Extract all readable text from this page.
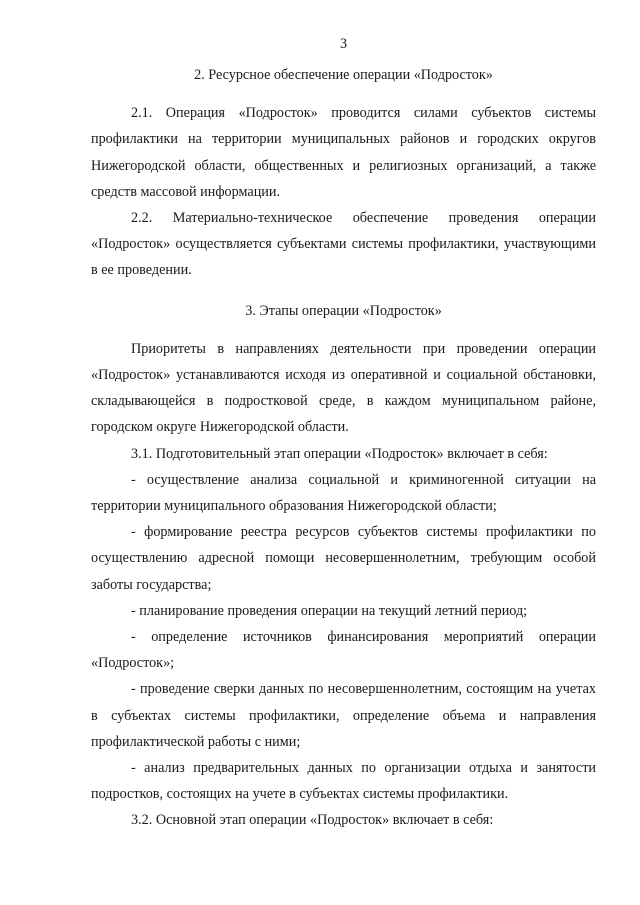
3
2. Ресурсное обеспечение операции «Подросток»

2.1. Операция «Подросток» проводится силами субъектов системы профилактики на территории муниципальных районов и городских округов Нижегородской области, общественных и религиозных организаций, а также средств массовой информации.

2.2. Материально-техническое обеспечение проведения операции «Подросток» осуществляется субъектами системы профилактики, участвующими в ее проведении.

3. Этапы операции «Подросток»

Приоритеты в направлениях деятельности при проведении операции «Подросток» устанавливаются исходя из оперативной и социальной обстановки, складывающейся в подростковой среде, в каждом муниципальном районе, городском округе Нижегородской области.

3.1. Подготовительный этап операции «Подросток» включает в себя:

- осуществление анализа социальной и криминогенной ситуации на территории муниципального образования Нижегородской области;

- формирование реестра ресурсов субъектов системы профилактики по осуществлению адресной помощи несовершеннолетним, требующим особой заботы государства;

- планирование проведения операции на текущий летний период;

- определение источников финансирования мероприятий операции «Подросток»;

- проведение сверки данных по несовершеннолетним, состоящим на учетах в субъектах системы профилактики, определение объема и направления профилактической работы с ними;

- анализ предварительных данных по организации отдыха и занятости подростков, состоящих на учете в субъектах системы профилактики.

3.2. Основной этап операции «Подросток» включает в себя:
